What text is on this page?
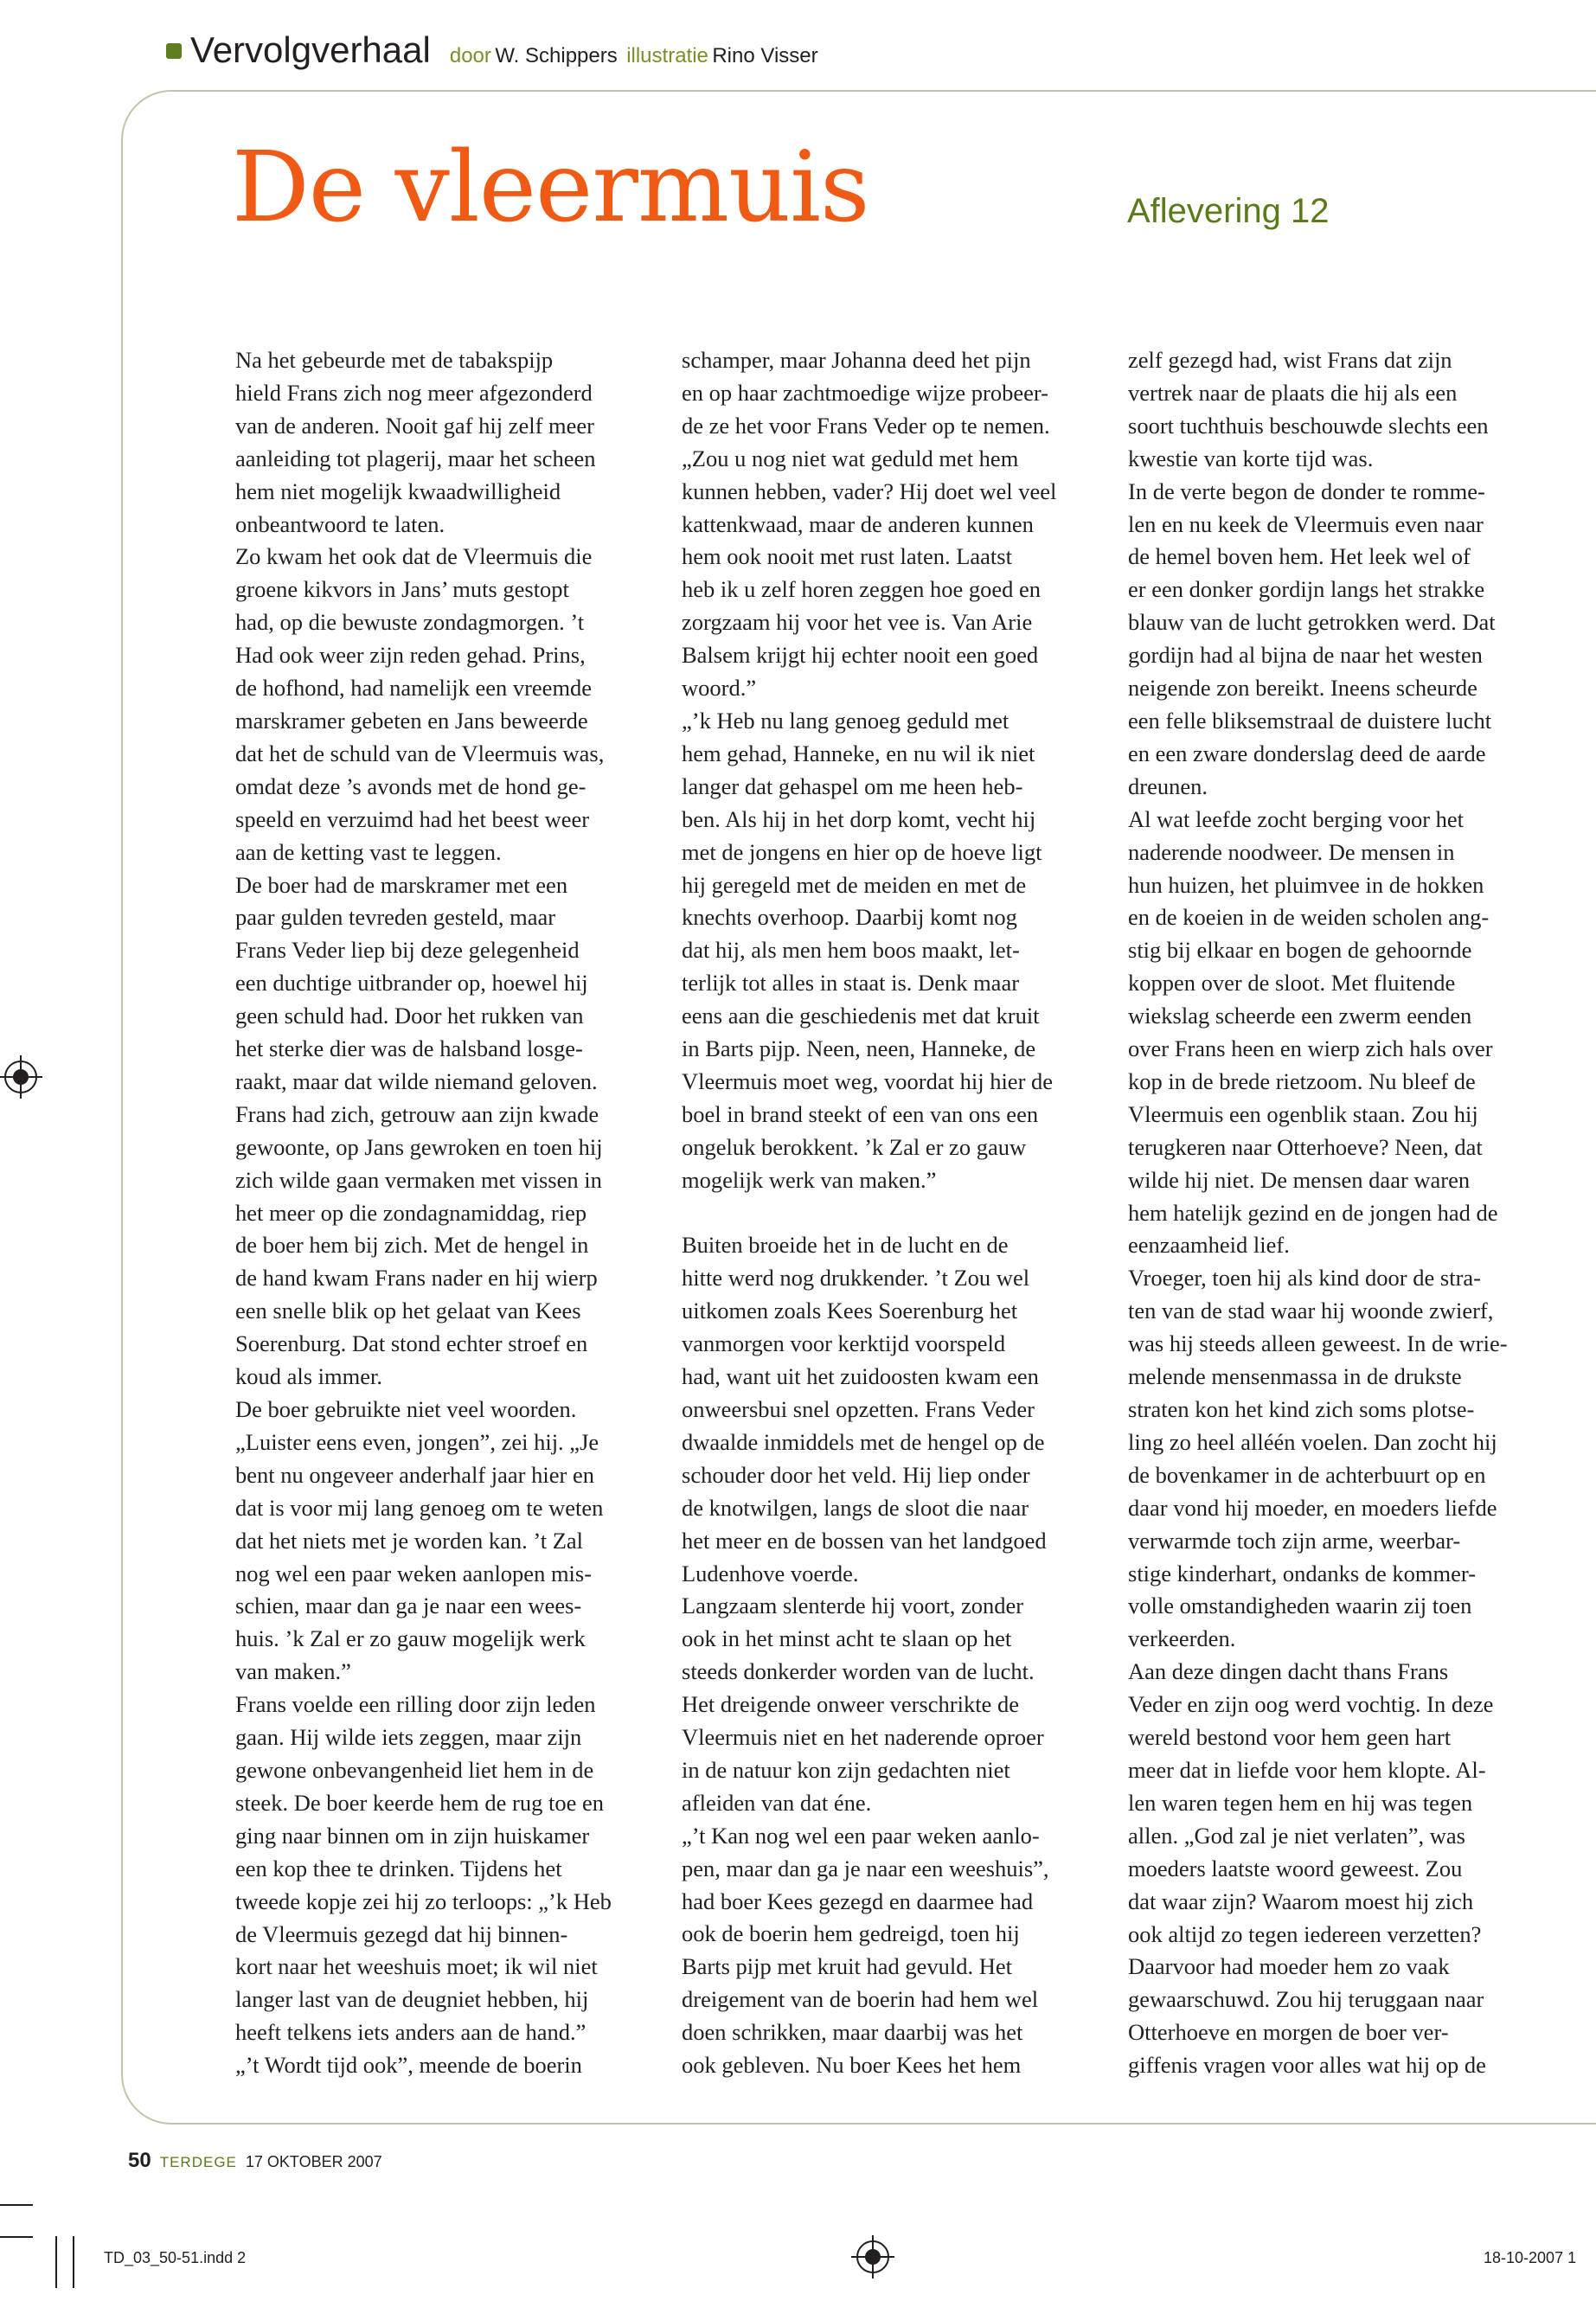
Vervolgverhaal door W. Schippers illustratie Rino Visser
De vleermuis	Aflevering 12
Na het gebeurde met de tabakspijp
hield Frans zich nog meer afgezonderd
van de anderen. Nooit gaf hij zelf meer
aanleiding tot plagerij, maar het scheen
hem niet mogelijk kwaadwilligheid
onbeantwoord te laten.
Zo kwam het ook dat de Vleermuis die
groene kikvors in Jans’ muts gestopt
had, op die bewuste zondagmorgen. ’t
Had ook weer zijn reden gehad. Prins,
de hofhond, had namelijk een vreemde
marskramer gebeten en Jans beweerde
dat het de schuld van de Vleermuis was,
omdat deze ’s avonds met de hond ge-
speeld en verzuimd had het beest weer
aan de ketting vast te leggen.
De boer had de marskramer met een
paar gulden tevreden gesteld, maar
Frans Veder liep bij deze gelegenheid
een duchtige uitbrander op, hoewel hij
geen schuld had. Door het rukken van
het sterke dier was de halsband losge-
raakt, maar dat wilde niemand geloven.
Frans had zich, getrouw aan zijn kwade
gewoonte, op Jans gewroken en toen hij
zich wilde gaan vermaken met vissen in
het meer op die zondagnamiddag, riep
de boer hem bij zich. Met de hengel in
de hand kwam Frans nader en hij wierp
een snelle blik op het gelaat van Kees
Soerenburg. Dat stond echter stroef en
koud als immer.
De boer gebruikte niet veel woorden.
„Luister eens even, jongen”, zei hij. „Je
bent nu ongeveer anderhalf jaar hier en
dat is voor mij lang genoeg om te weten
dat het niets met je worden kan. ’t Zal
nog wel een paar weken aanlopen mis-
schien, maar dan ga je naar een wees-
huis. ’k Zal er zo gauw mogelijk werk
van maken.”
Frans voelde een rilling door zijn leden
gaan. Hij wilde iets zeggen, maar zijn
gewone onbevangenheid liet hem in de
steek. De boer keerde hem de rug toe en
ging naar binnen om in zijn huiskamer
een kop thee te drinken. Tijdens het
tweede kopje zei hij zo terloops: „’k Heb
de Vleermuis gezegd dat hij binnen-
kort naar het weeshuis moet; ik wil niet
langer last van de deugniet hebben, hij
heeft telkens iets anders aan de hand.”
„’t Wordt tijd ook”, meende de boerin
schamper, maar Johanna deed het pijn
en op haar zachtmoedige wijze probeer-
de ze het voor Frans Veder op te nemen.
„Zou u nog niet wat geduld met hem
kunnen hebben, vader? Hij doet wel veel
kattenkwaad, maar de anderen kunnen
hem ook nooit met rust laten. Laatst
heb ik u zelf horen zeggen hoe goed en
zorgzaam hij voor het vee is. Van Arie
Balsem krijgt hij echter nooit een goed
woord.”
„’k Heb nu lang genoeg geduld met
hem gehad, Hanneke, en nu wil ik niet
langer dat gehaspel om me heen heb-
ben. Als hij in het dorp komt, vecht hij
met de jongens en hier op de hoeve ligt
hij geregeld met de meiden en met de
knechts overhoop. Daarbij komt nog
dat hij, als men hem boos maakt, let-
terlijk tot alles in staat is. Denk maar
eens aan die geschiedenis met dat kruit
in Barts pijp. Neen, neen, Hanneke, de
Vleermuis moet weg, voordat hij hier de
boel in brand steekt of een van ons een
ongeluk berokkent. ’k Zal er zo gauw
mogelijk werk van maken.”
Buiten broeide het in de lucht en de
hitte werd nog drukkender. ’t Zou wel
uitkomen zoals Kees Soerenburg het
vanmorgen voor kerktijd voorspeld
had, want uit het zuidoosten kwam een
onweersbui snel opzetten. Frans Veder
dwaalde inmiddels met de hengel op de
schouder door het veld. Hij liep onder
de knotwilgen, langs de sloot die naar
het meer en de bossen van het landgoed
Ludenhove voerde.
Langzaam slenterde hij voort, zonder
ook in het minst acht te slaan op het
steeds donkerder worden van de lucht.
Het dreigende onweer verschrikte de
Vleermuis niet en het naderende oproer
in de natuur kon zijn gedachten niet
afleiden van dat éne.
„’t Kan nog wel een paar weken aanlo-
pen, maar dan ga je naar een weeshuis”,
had boer Kees gezegd en daarmee had
ook de boerin hem gedreigd, toen hij
Barts pijp met kruit had gevuld. Het
dreigement van de boerin had hem wel
doen schrikken, maar daarbij was het
ook gebleven. Nu boer Kees het hem
zelf gezegd had, wist Frans dat zijn
vertrek naar de plaats die hij als een
soort tuchthuis beschouwde slechts een
kwestie van korte tijd was.
In de verte begon de donder te romme-
len en nu keek de Vleermuis even naar
de hemel boven hem. Het leek wel of
er een donker gordijn langs het strakke
blauw van de lucht getrokken werd. Dat
gordijn had al bijna de naar het westen
neigende zon bereikt. Ineens scheurde
een felle bliksemstraal de duistere lucht
en een zware donderslag deed de aarde
dreunen.
Al wat leefde zocht berging voor het
naderende noodweer. De mensen in
hun huizen, het pluimvee in de hokken
en de koeien in de weiden scholen ang-
stig bij elkaar en bogen de gehoornde
koppen over de sloot. Met fluitende
wiekslag scheerde een zwerm eenden
over Frans heen en wierp zich hals over
kop in de brede rietzoom. Nu bleef de
Vleermuis een ogenblik staan. Zou hij
terugkeren naar Otterhoeve? Neen, dat
wilde hij niet. De mensen daar waren
hem hatelijk gezind en de jongen had de
eenzaamheid lief.
Vroeger, toen hij als kind door de stra-
ten van de stad waar hij woonde zwierf,
was hij steeds alleen geweest. In de wrie-
melende mensenmassa in de drukste
straten kon het kind zich soms plotse-
ling zo heel alléén voelen. Dan zocht hij
de bovenkamer in de achterbuurt op en
daar vond hij moeder, en moeders liefde
verwarmde toch zijn arme, weerbar-
stige kinderhart, ondanks de kommer-
volle omstandigheden waarin zij toen
verkeerden.
Aan deze dingen dacht thans Frans
Veder en zijn oog werd vochtig. In deze
wereld bestond voor hem geen hart
meer dat in liefde voor hem klopte. Al-
len waren tegen hem en hij was tegen
allen. „God zal je niet verlaten”, was
moeders laatste woord geweest. Zou
dat waar zijn? Waarom moest hij zich
ook altijd zo tegen iedereen verzetten?
Daarvoor had moeder hem zo vaak
gewaarschuwd. Zou hij teruggaan naar
Otterhoeve en morgen de boer ver-
giffenis vragen voor alles wat hij op de
50 TERDEGE 17 OKTOBER 2007
TD_03_50-51.indd 2	18-10-2007 1
